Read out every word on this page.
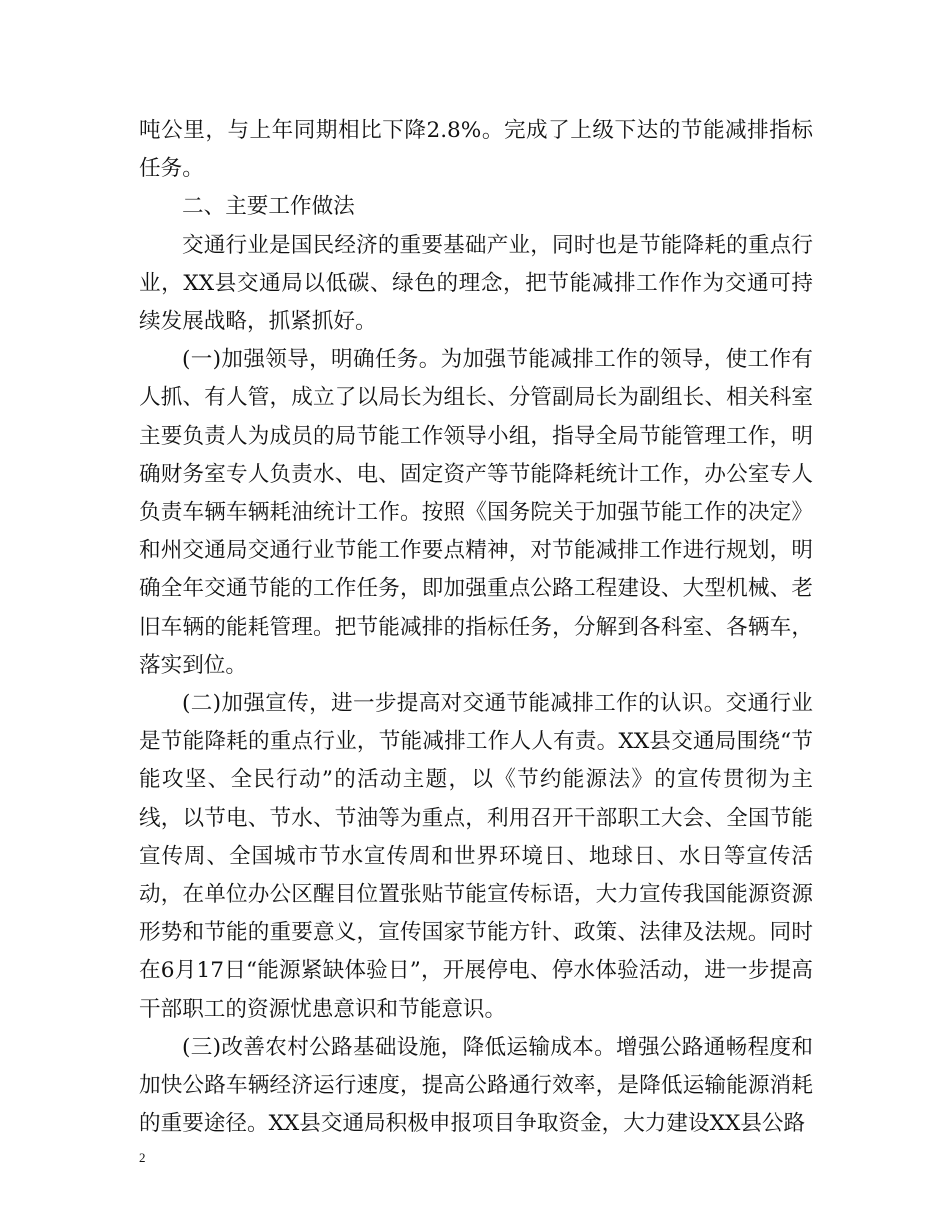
吨公里，与上年同期相比下降2.8%。完成了上级下达的节能减排指标任务。

二、主要工作做法

交通行业是国民经济的重要基础产业，同时也是节能降耗的重点行业，XX县交通局以低碳、绿色的理念，把节能减排工作作为交通可持续发展战略，抓紧抓好。

(一)加强领导，明确任务。为加强节能减排工作的领导，使工作有人抓、有人管，成立了以局长为组长、分管副局长为副组长、相关科室主要负责人为成员的局节能工作领导小组，指导全局节能管理工作，明确财务室专人负责水、电、固定资产等节能降耗统计工作，办公室专人负责车辆车辆耗油统计工作。按照《国务院关于加强节能工作的决定》和州交通局交通行业节能工作要点精神，对节能减排工作进行规划，明确全年交通节能的工作任务，即加强重点公路工程建设、大型机械、老旧车辆的能耗管理。把节能减排的指标任务，分解到各科室、各辆车，落实到位。

(二)加强宣传，进一步提高对交通节能减排工作的认识。交通行业是节能降耗的重点行业，节能减排工作人人有责。XX县交通局围绕“节能攻坚、全民行动”的活动主题，以《节约能源法》的宣传贯彻为主线，以节电、节水、节油等为重点，利用召开干部职工大会、全国节能宣传周、全国城市节水宣传周和世界环境日、地球日、水日等宣传活动，在单位办公区醒目位置张贴节能宣传标语，大力宣传我国能源资源形势和节能的重要意义，宣传国家节能方针、政策、法律及法规。同时在6月17日“能源紧缺体验日”，开展停电、停水体验活动，进一步提高干部职工的资源忧患意识和节能意识。

(三)改善农村公路基础设施，降低运输成本。增强公路通畅程度和加快公路车辆经济运行速度，提高公路通行效率，是降低运输能源消耗的重要途径。XX县交通局积极申报项目争取资金，大力建设XX县公路

2
